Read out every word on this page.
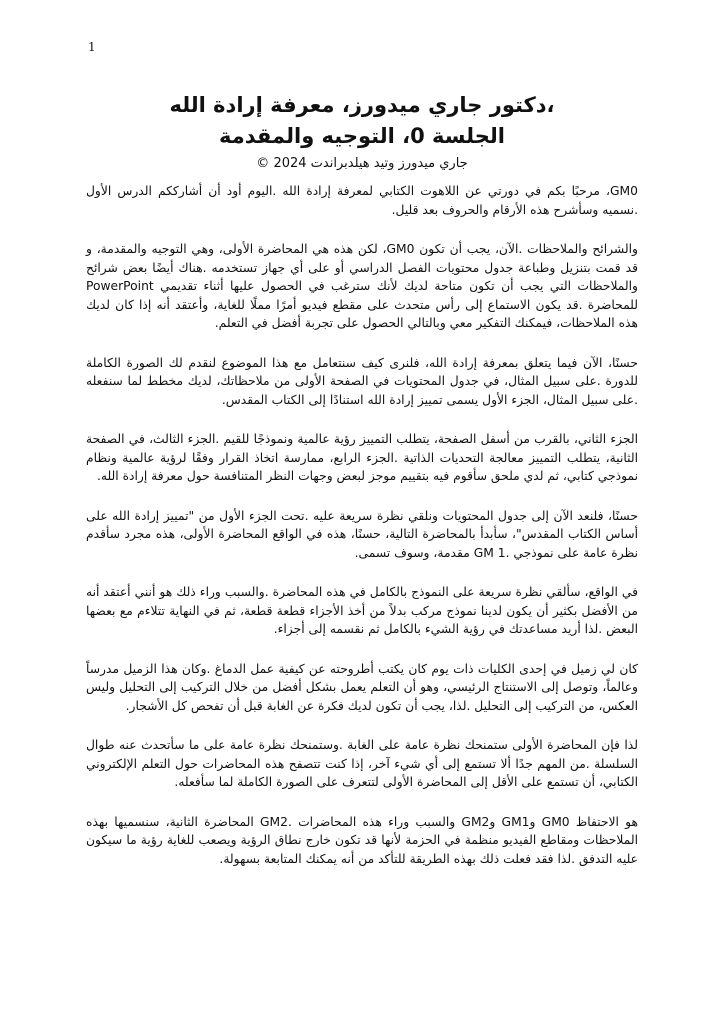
1
،دكتور جاري ميدورز، معرفة إرادة الله
الجلسة 0، التوجيه والمقدمة
جاري ميدورز وتيد هيلدبراندت 2024 ©

GM0، مرحبًا بكم في دورتي عن اللاهوت الكتابي لمعرفة إرادة الله .اليوم أود أن أشارككم الدرس الأول .نسميه وسأشرح هذه الأرقام والحروف بعد قليل.

والشرائح والملاحظات .الآن، يجب أن تكون GM0، لكن هذه هي المحاضرة الأولى، وهي التوجيه والمقدمة، و قد قمت بتنزيل وطباعة جدول محتويات الفصل الدراسي أو على أي جهاز تستخدمه .هناك أيضًا بعض شرائح والملاحظات التي يجب أن تكون متاحة لديك لأنك سترغب في الحصول عليها أثناء تقديمي PowerPoint للمحاضرة .قد يكون الاستماع إلى رأس متحدث على مقطع فيديو أمرًا مملًا للغاية، وأعتقد أنه إذا كان لديك هذه الملاحظات، فيمكنك التفكير معي وبالتالي الحصول على تجربة أفضل في التعلم.

حسنًا، الآن فيما يتعلق بمعرفة إرادة الله، فلنرى كيف سنتعامل مع هذا الموضوع لنقدم لك الصورة الكاملة للدورة .على سبيل المثال، في جدول المحتويات في الصفحة الأولى من ملاحظاتك، لديك مخطط لما سنفعله .على سبيل المثال، الجزء الأول يسمى تمييز إرادة الله استنادًا إلى الكتاب المقدس.

الجزء الثاني، بالقرب من أسفل الصفحة، يتطلب التمييز رؤية عالمية ونموذجًا للقيم .الجزء الثالث، في الصفحة الثانية، يتطلب التمييز معالجة التحديات الذاتية .الجزء الرابع، ممارسة اتخاذ القرار وفقًا لرؤية عالمية ونظام نموذجي كتابي، ثم لدي ملحق سأقوم فيه بتقييم موجز لبعض وجهات النظر المتنافسة حول معرفة إرادة الله.

حسنًا، فلنعد الآن إلى جدول المحتويات ونلقي نظرة سريعة عليه .تحت الجزء الأول من "تمييز إرادة الله على أساس الكتاب المقدس"، سأبدأ بالمحاضرة التالية، حسنًا، هذه في الواقع المحاضرة الأولى، هذه مجرد سأقدم نظرة عامة على نموذجي .GM 1 مقدمة، وسوف تسمى.

في الواقع، سألقي نظرة سريعة على النموذج بالكامل في هذه المحاضرة .والسبب وراء ذلك هو أنني أعتقد أنه من الأفضل بكثير أن يكون لدينا نموذج مركب بدلاً من أخذ الأجزاء قطعة قطعة، ثم في النهاية تتلاءم مع بعضها البعض .لذا أريد مساعدتك في رؤية الشيء بالكامل ثم نقسمه إلى أجزاء.

كان لي زميل في إحدى الكليات ذات يوم كان يكتب أطروحته عن كيفية عمل الدماغ .وكان هذا الزميل مدرساً وعالماً، وتوصل إلى الاستنتاج الرئيسي، وهو أن التعلم يعمل بشكل أفضل من خلال التركيب إلى التحليل وليس العكس، من التركيب إلى التحليل .لذا، يجب أن تكون لديك فكرة عن الغابة قبل أن تفحص كل الأشجار.

لذا فإن المحاضرة الأولى ستمنحك نظرة عامة على الغابة .وستمنحك نظرة عامة على ما سأتحدث عنه طوال السلسلة .من المهم جدًا ألا تستمع إلى أي شيء آخر، إذا كنت تتصفح هذه المحاضرات حول التعلم الإلكتروني الكتابي، أن تستمع على الأقل إلى المحاضرة الأولى لتتعرف على الصورة الكاملة لما سأفعله.

هو الاحتفاظ GM0 وGM1 وGM2 والسبب وراء هذه المحاضرات .GM2 المحاضرة الثانية، سنسميها بهذه الملاحظات ومقاطع الفيديو منظمة في الحزمة لأنها قد تكون خارج نطاق الرؤية ويصعب للغاية رؤية ما سيكون عليه التدفق .لذا فقد فعلت ذلك بهذه الطريقة للتأكد من أنه يمكنك المتابعة بسهولة.
